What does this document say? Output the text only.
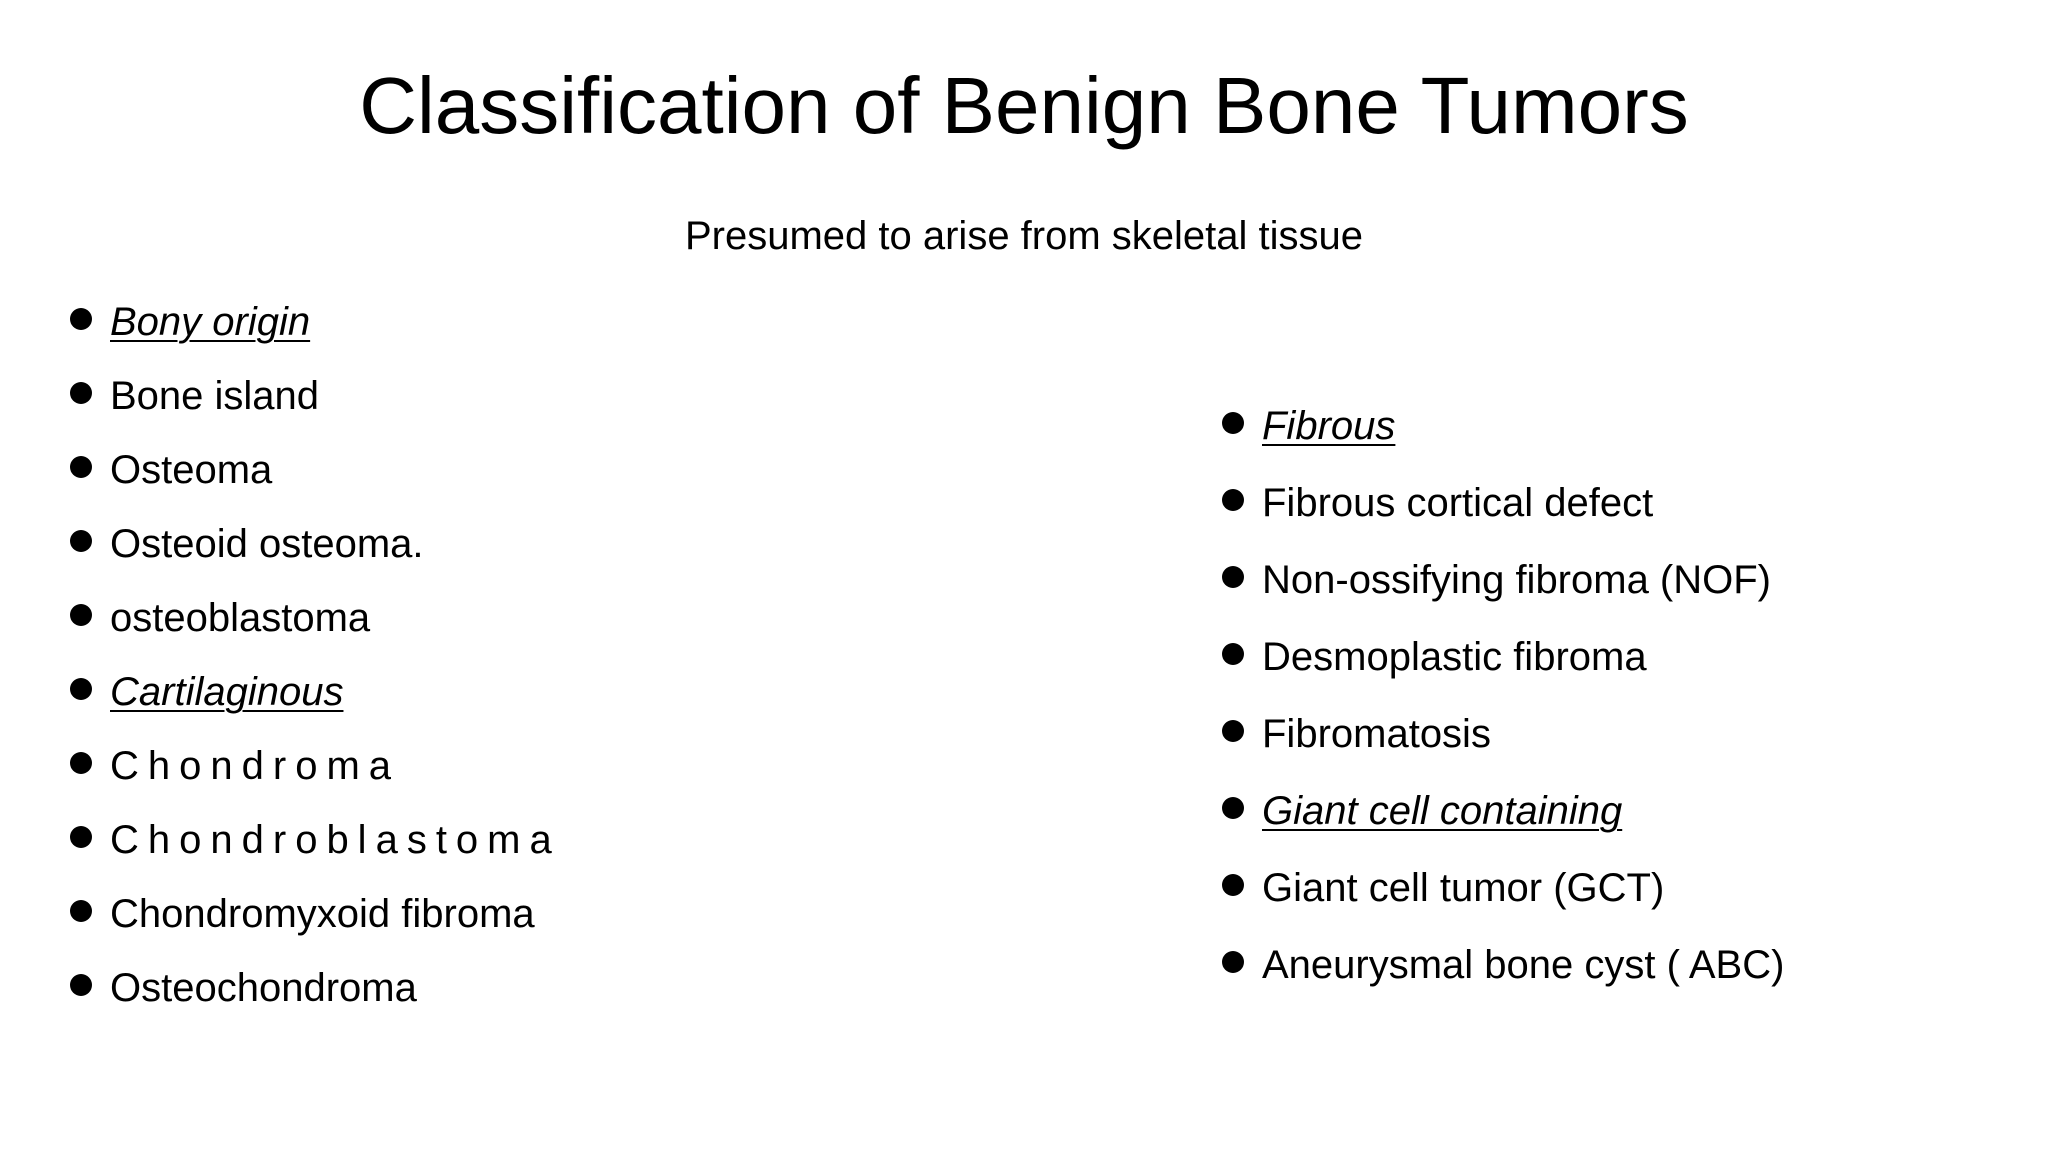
Classification of Benign Bone Tumors
Presumed to arise from skeletal tissue
Bony origin
Bone island
Osteoma
Osteoid osteoma.
osteoblastoma
Cartilaginous
Chondroma
Chondroblastoma
Chondromyxoid fibroma
Osteochondroma
Fibrous
Fibrous cortical defect
Non-ossifying fibroma (NOF)
Desmoplastic fibroma
Fibromatosis
Giant cell containing
Giant cell tumor (GCT)
Aneurysmal bone cyst ( ABC)
